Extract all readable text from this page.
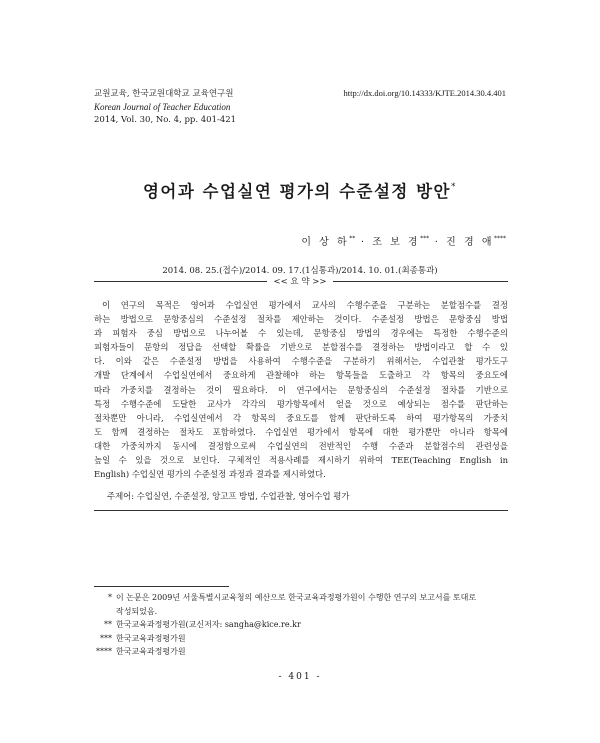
교원교육, 한국교원대학교 교육연구원
Korean Journal of Teacher Education
2014, Vol. 30, No. 4, pp. 401-421
http://dx.doi.org/10.14333/KJTE.2014.30.4.401
영어과 수업실연 평가의 수준설정 방안*
이 상 하** · 조 보 경*** · 진 경 애****
2014. 08. 25.(접수)/2014. 09. 17.(1심통과)/2014. 10. 01.(최종통과)
<< 요 약 >>
이 연구의 목적은 영어과 수업실연 평가에서 교사의 수행수준을 구분하는 분할점수를 결정
하는 방법으로 문항중심의 수준설정 절차를 제안하는 것이다. 수준설정 방법은 문항중심 방법
과 피험자 중심 방법으로 나누어볼 수 있는데, 문항중심 방법의 경우에는 특정한 수행수준의
피험자들이 문항의 정답을 선택할 확률을 기반으로 분할점수를 결정하는 방법이라고 할 수 있
다. 이와 같은 수준설정 방법을 사용하여 수행수준을 구분하기 위해서는, 수업관찰 평가도구
개발 단계에서 수업실연에서 중요하게 관찰해야 하는 항목들을 도출하고 각 항목의 중요도에
따라 가중치를 결정하는 것이 필요하다. 이 연구에서는 문항중심의 수준설정 절차를 기반으로
특정 수행수준에 도달한 교사가 각각의 평가항목에서 얻을 것으로 예상되는 점수를 판단하는
절차뿐만 아니라, 수업실연에서 각 항목의 중요도를 함께 판단하도록 하여 평가항목의 가중치
도 함께 결정하는 절차도 포함하였다. 수업실연 평가에서 항목에 대한 평가뿐만 아니라 항목에
대한 가중치까지 동시에 결정함으로써 수업실연의 전반적인 수행 수준과 분할점수의 관련성을
높일 수 있을 것으로 보인다. 구체적인 적용사례를 제시하기 위하여 TEE(Teaching English in
English) 수업실연 평가의 수준설정 과정과 결과를 제시하였다.
주제어: 수업실연, 수준설정, 앙고프 방법, 수업관찰, 영어수업 평가
* 이 논문은 2009년 서울특별시교육청의 예산으로 한국교육과정평가원이 수행한 연구의 보고서를 토대로
작성되었음.
** 한국교육과정평가원(교신저자: sangha@kice.re.kr
*** 한국교육과정평가원
**** 한국교육과정평가원
- 401 -
